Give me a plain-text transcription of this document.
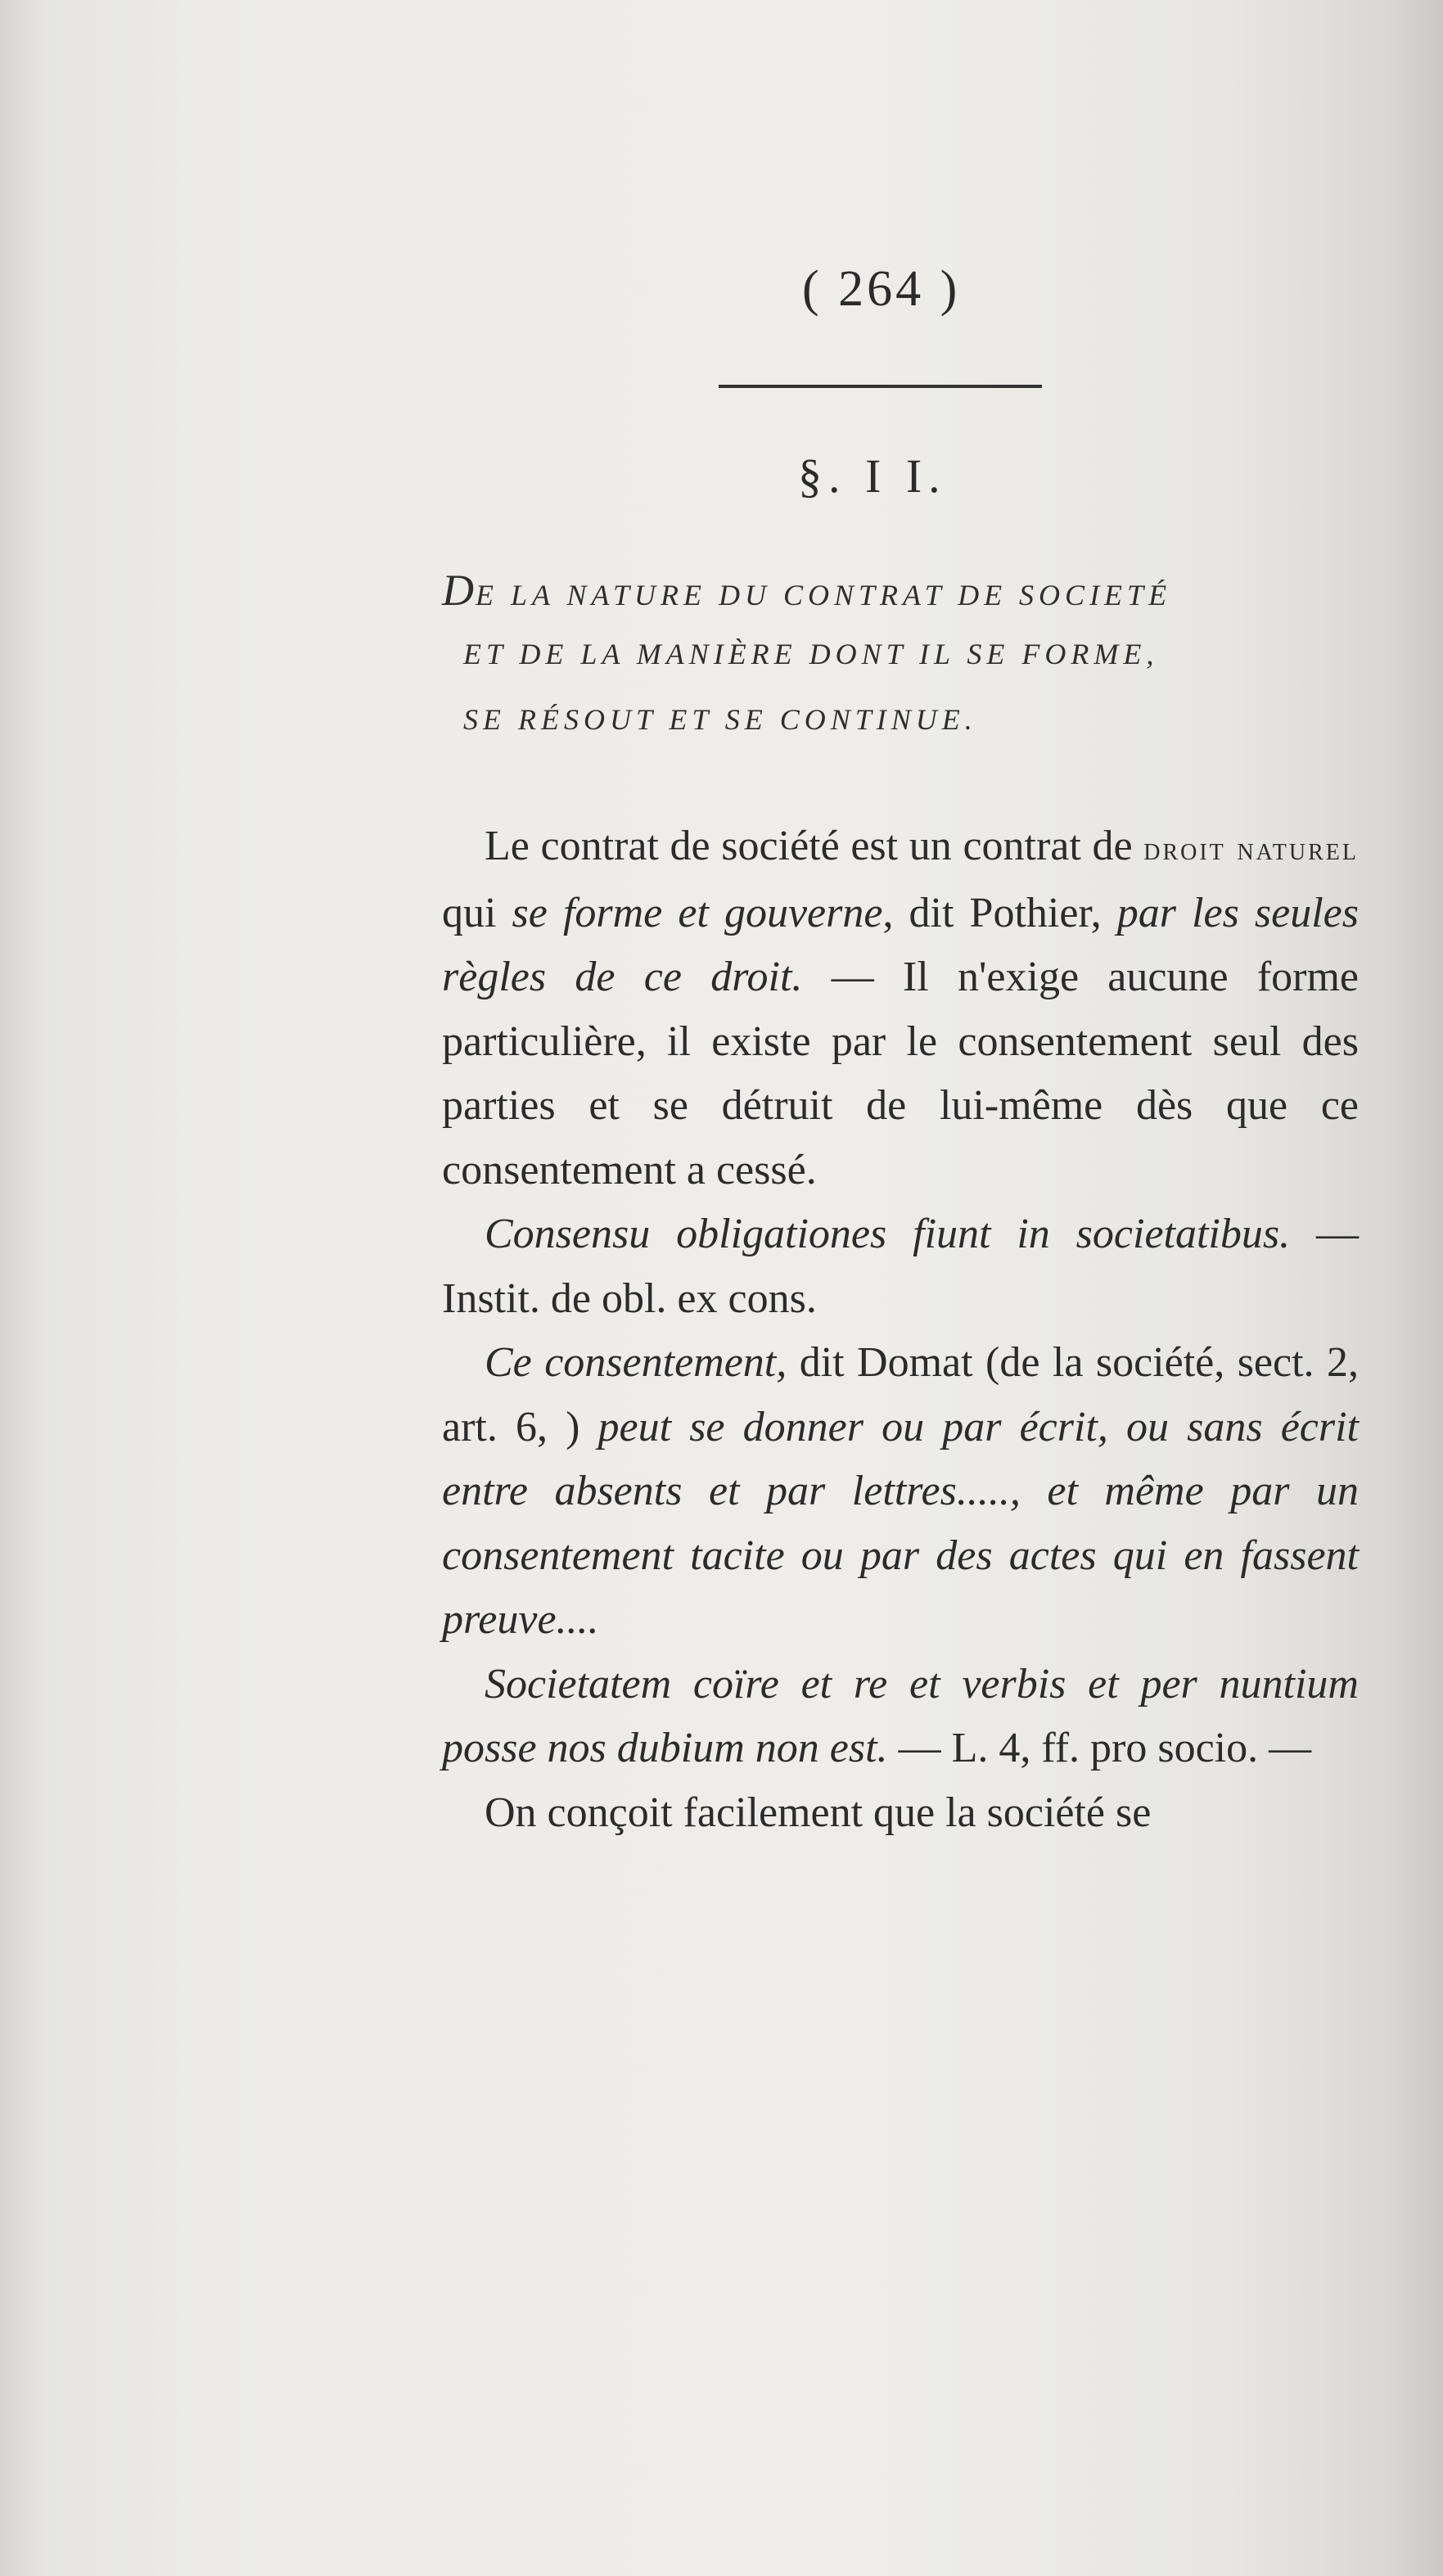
( 264 )
§. I I.
DE LA NATURE DU CONTRAT DE SOCIETÉ
ET DE LA MANIÈRE DONT IL SE FORME,
SE RÉSOUT ET SE CONTINUE.

Le contrat de société est un contrat de droit naturel qui se forme et gouverne, dit Pothier, par les seules règles de ce droit. — Il n'exige aucune forme particulière, il existe par le consentement seul des parties et se détruit de lui-même dès que ce consentement a cessé.

Consensu obligationes fiunt in societatibus. — Instit. de obl. ex cons.

Ce consentement, dit Domat (de la société, sect. 2, art. 6, ) peut se donner ou par écrit, ou sans écrit entre absents et par lettres....., et même par un consentement tacite ou par des actes qui en fassent preuve....

Societatem coïre et re et verbis et per nuntium posse nos dubium non est. — L. 4, ff. pro socio. —

On conçoit facilement que la société se
